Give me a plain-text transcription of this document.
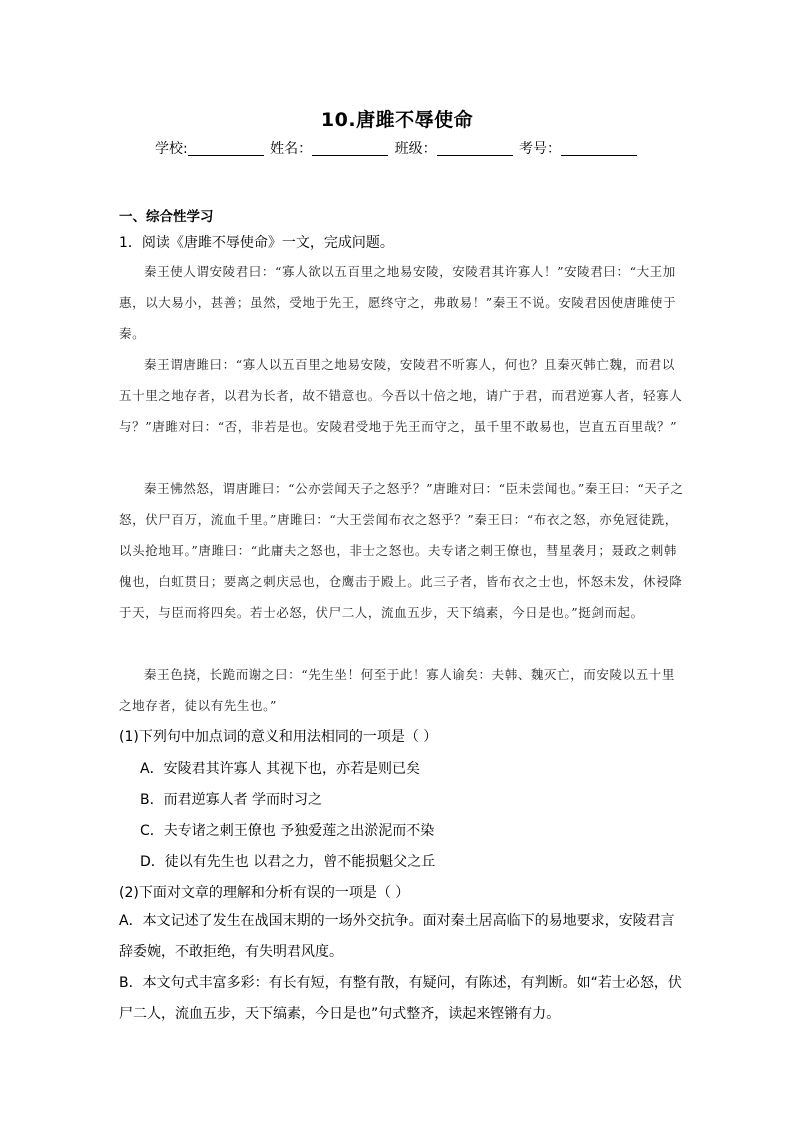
10.唐雎不辱使命
学校:	姓名：	班级：	考号：
一、综合性学习
1．阅读《唐雎不辱使命》一文，完成问题。

秦王使人谓安陵君曰：“寡人欲以五百里之地易安陵，安陵君其许寡人！”安陵君曰：“大王加惠，以大易小，甚善；虽然，受地于先王，愿终守之，弗敢易！”秦王不说。安陵君因使唐雎使于秦。

秦王谓唐雎曰：“寡人以五百里之地易安陵，安陵君不听寡人，何也？且秦灭韩亡魏，而君以五十里之地存者，以君为长者，故不错意也。今吾以十倍之地，请广于君，而君逆寡人者，轻寡人与？”唐雎对曰：“否，非若是也。安陵君受地于先王而守之，虽千里不敢易也，岂直五百里哉？”

秦王怫然怒，谓唐雎曰：“公亦尝闻天子之怒乎？”唐雎对曰：“臣未尝闻也。”秦王曰：“天子之怒，伏尸百万，流血千里。”唐雎曰：“大王尝闻布衣之怒乎？”秦王曰：“布衣之怒，亦免冠徒跣，以头抢地耳。”唐雎曰：“此庸夫之怒也，非士之怒也。夫专诸之刺王僚也，彗星袭月；聂政之刺韩傀也，白虹贯日；要离之刺庆忌也，仓鹰击于殿上。此三子者，皆布衣之士也，怀怒未发，休祲降于天，与臣而将四矣。若士必怒，伏尸二人，流血五步，天下缟素，今日是也。”挺剑而起。

秦王色挠，长跪而谢之曰：“先生坐！何至于此！寡人谕矣：夫韩、魏灭亡，而安陵以五十里之地存者，徒以有先生也。”

(1)下列句中加点词的意义和用法相同的一项是（ ）
A．安陵君其许寡人 其视下也，亦若是则已矣
B．而君逆寡人者 学而时习之
C．夫专诸之刺王僚也 予独爱莲之出淤泥而不染
D．徒以有先生也 以君之力，曾不能损魁父之丘
(2)下面对文章的理解和分析有误的一项是（ ）

A．本文记述了发生在战国末期的一场外交抗争。面对秦土居高临下的易地要求，安陵君言辞委婉，不敢拒绝，有失明君风度。

B．本文句式丰富多彩：有长有短，有整有散，有疑问，有陈述，有判断。如“若士必怒，伏尸二人，流血五步，天下缟素，今日是也”句式整齐，读起来铿锵有力。
